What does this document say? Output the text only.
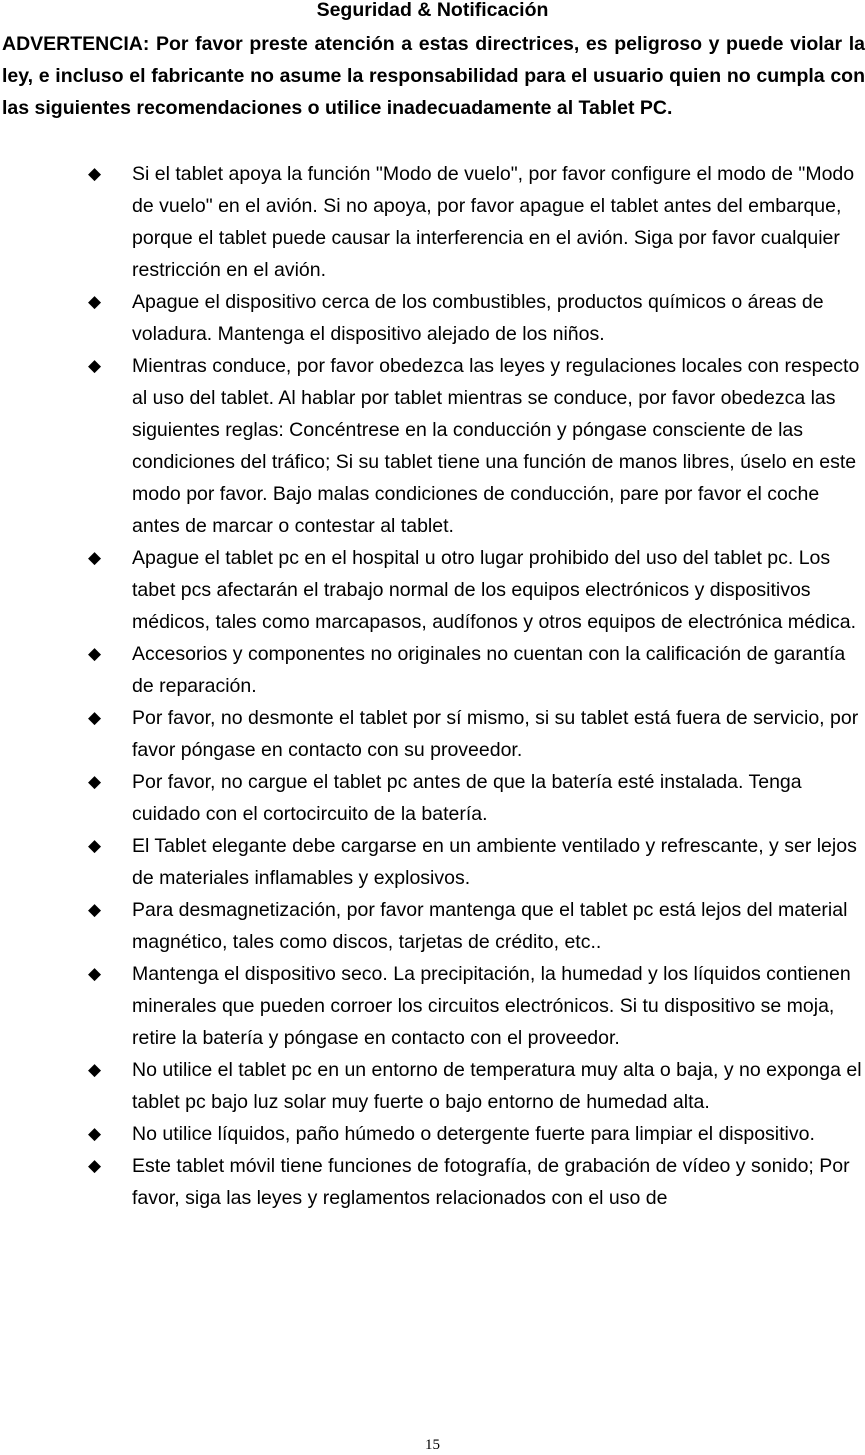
Seguridad & Notificación

ADVERTENCIA: Por favor preste atención a estas directrices, es peligroso y puede violar la ley, e incluso el fabricante no asume la responsabilidad para el usuario quien no cumpla con las siguientes recomendaciones o utilice inadecuadamente al Tablet PC.

◆ Si el tablet apoya la función "Modo de vuelo", por favor configure el modo de "Modo de vuelo" en el avión. Si no apoya, por favor apague el tablet antes del embarque, porque el tablet puede causar la interferencia en el avión. Siga por favor cualquier restricción en el avión.
◆ Apague el dispositivo cerca de los combustibles, productos químicos o áreas de voladura. Mantenga el dispositivo alejado de los niños.
◆ Mientras conduce, por favor obedezca las leyes y regulaciones locales con respecto al uso del tablet. Al hablar por tablet mientras se conduce, por favor obedezca las siguientes reglas: Concéntrese en la conducción y póngase consciente de las condiciones del tráfico; Si su tablet tiene una función de manos libres, úselo en este modo por favor. Bajo malas condiciones de conducción, pare por favor el coche antes de marcar o contestar al tablet.
◆ Apague el tablet pc en el hospital u otro lugar prohibido del uso del tablet pc. Los tabet pcs afectarán el trabajo normal de los equipos electrónicos y dispositivos médicos, tales como marcapasos, audífonos y otros equipos de electrónica médica.
◆ Accesorios y componentes no originales no cuentan con la calificación de garantía de reparación.
◆ Por favor, no desmonte el tablet por sí mismo, si su tablet está fuera de servicio, por favor póngase en contacto con su proveedor.
◆ Por favor, no cargue el tablet pc antes de que la batería esté instalada. Tenga cuidado con el cortocircuito de la batería.
◆ El Tablet elegante debe cargarse en un ambiente ventilado y refrescante, y ser lejos de materiales inflamables y explosivos.
◆ Para desmagnetización, por favor mantenga que el tablet pc está lejos del material magnético, tales como discos, tarjetas de crédito, etc..
◆ Mantenga el dispositivo seco. La precipitación, la humedad y los líquidos contienen minerales que pueden corroer los circuitos electrónicos. Si tu dispositivo se moja, retire la batería y póngase en contacto con el proveedor.
◆ No utilice el tablet pc en un entorno de temperatura muy alta o baja, y no exponga el tablet pc bajo luz solar muy fuerte o bajo entorno de humedad alta.
◆ No utilice líquidos, paño húmedo o detergente fuerte para limpiar el dispositivo.
◆ Este tablet móvil tiene funciones de fotografía, de grabación de vídeo y sonido; Por favor, siga las leyes y reglamentos relacionados con el uso de
15
